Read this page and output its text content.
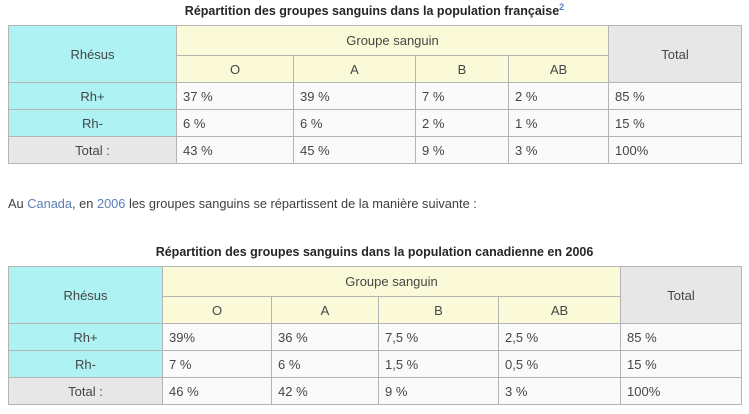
Répartition des groupes sanguins dans la population française$^2$
Rhésus	Groupe sanguin				Total
	O	A	B	AB	
Rh+	37 %	39 %	7 %	2 %	85 %
Rh-	6 %	6 %	2 %	1 %	15 %
Total :	43 %	45 %	9 %	3 %	100%

Au Canada, en 2006 les groupes sanguins se répartissent de la manière suivante :

Répartition des groupes sanguins dans la population canadienne en 2006
Rhésus	Groupe sanguin				Total
	O	A	B	AB	
Rh+	39%	36 %	7,5 %	2,5 %	85 %
Rh-	7 %	6 %	1,5 %	0,5 %	15 %
Total :	46 %	42 %	9 %	3 %	100%
